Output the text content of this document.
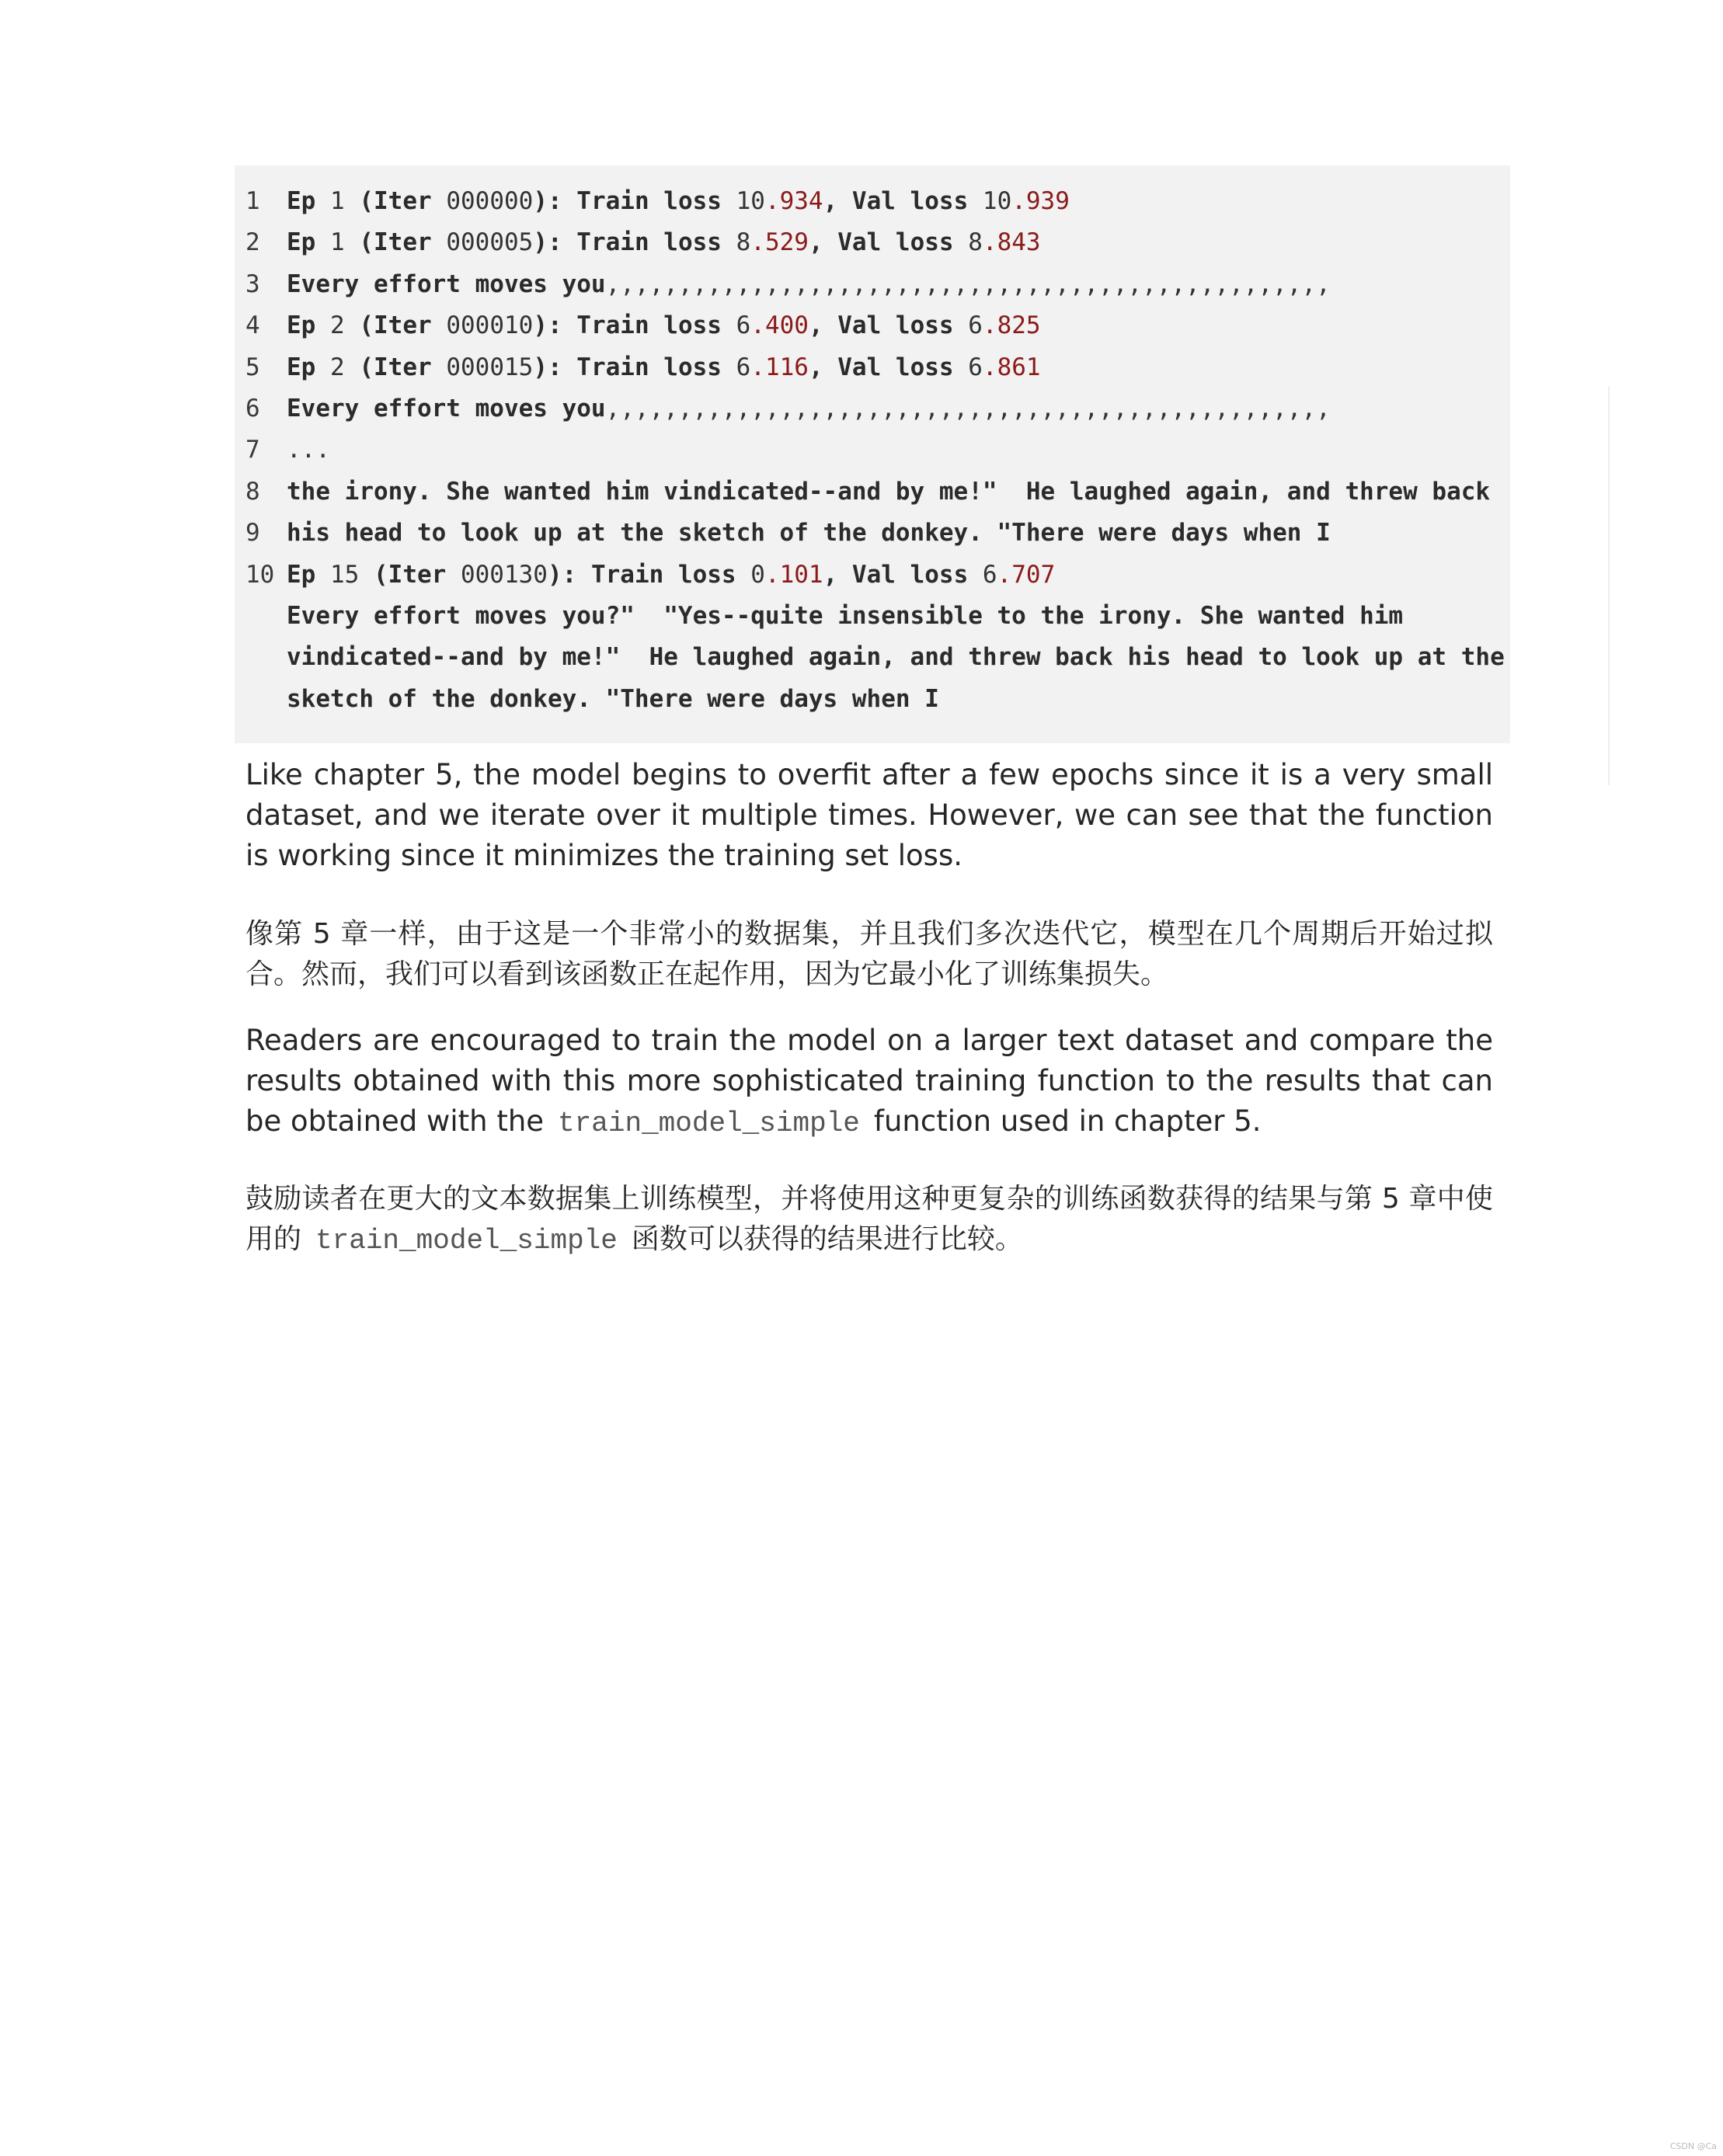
1	Ep 1 (Iter 000000): Train loss 10.934, Val loss 10.939
2	Ep 1 (Iter 000005): Train loss 8.529, Val loss 8.843
3	Every effort moves you,,,,,,,,,,,,,,,,,,,,,,,,,,,,,,,,,,,,,,,,,,,,,,,,,,
4	Ep 2 (Iter 000010): Train loss 6.400, Val loss 6.825
5	Ep 2 (Iter 000015): Train loss 6.116, Val loss 6.861
6	Every effort moves you,,,,,,,,,,,,,,,,,,,,,,,,,,,,,,,,,,,,,,,,,,,,,,,,,,
7	...
8	the irony. She wanted him vindicated--and by me!"  He laughed again, and threw back
9	his head to look up at the sketch of the donkey. "There were days when I
10 Ep 15 (Iter 000130): Train loss 0.101, Val loss 6.707
Every effort moves you?"  "Yes--quite insensible to the irony. She wanted him
vindicated--and by me!"  He laughed again, and threw back his head to look up at the
sketch of the donkey. "There were days when I

Like chapter 5, the model begins to overfit after a few epochs since it is a very small dataset, and we iterate over it multiple times. However, we can see that the function is working since it minimizes the training set loss.

像第 5 章一样，由于这是一个非常小的数据集，并且我们多次迭代它，模型在几个周期后开始过拟合。然而，我们可以看到该函数正在起作用，因为它最小化了训练集损失。

Readers are encouraged to train the model on a larger text dataset and compare the results obtained with this more sophisticated training function to the results that can be obtained with the train_model_simple function used in chapter 5.

鼓励读者在更大的文本数据集上训练模型，并将使用这种更复杂的训练函数获得的结果与第 5 章中使用的 train_model_simple 函数可以获得的结果进行比较。

CSDN @Ca
